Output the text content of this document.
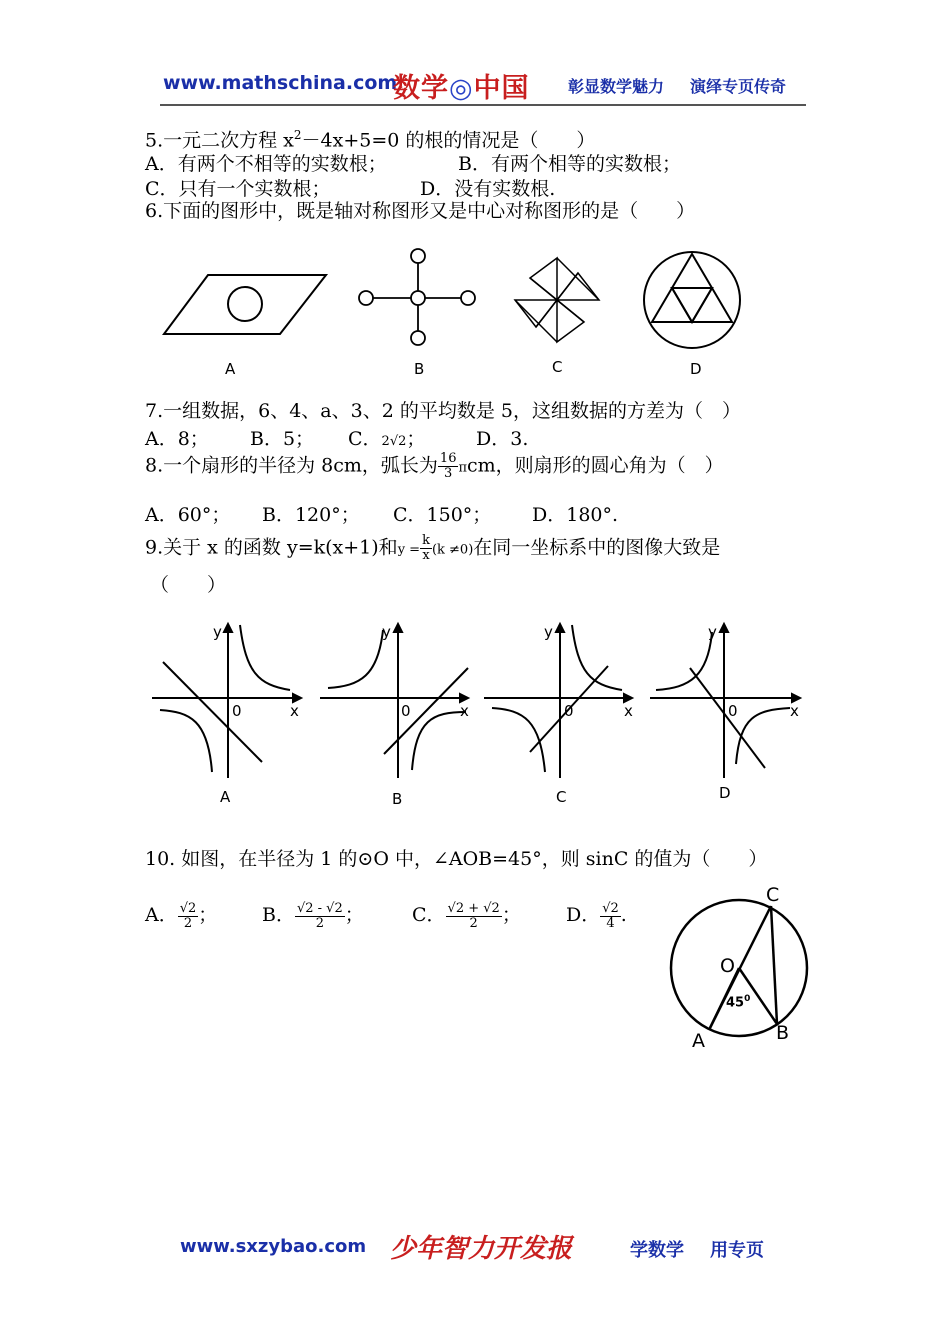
www.mathschina.com
数学◎中国 彰显数学魅力 演绎专页传奇
5.一元二次方程 $x^2-4x+5=0$ 的根的情况是（　　）
A．有两个不相等的实数根；	B．有两个相等的实数根；
C．只有一个实数根；	D．没有实数根.
6.下面的图形中，既是轴对称图形又是中心对称图形的是（　　）
A	B	C	D
7.一组数据，6、4、a、3、2 的平均数是 5，这组数据的方差为（　）
A．8； B．5； C．2√2；	D．3.
8.一个扇形的半径为 8cm，弧长为 $\frac{16}{3}$ πcm，则扇形的圆心角为（　）
A．60°； B．120°； C．150°； D．180°.
9.关于 x 的函数 y=k(x+1)和$y = \frac{k}{x} (k \ne 0)$在同一坐标系中的图像大致是
（　　）
y
x
0
A
y
x
0
B
y
x
0
C
y
x
0
D
10. 如图，在半径为 1 的⊙O 中，∠AOB=45°，则 sinC 的值为（　　）
A． $\frac{√2}{2}$ ； B． $\frac{√2 - √2}{2}$ ；	C． $\frac{√2 + √2}{2}$ ； D． $\frac{√2}{4}$ .
C
O
$45^0$
A	B
www.sxzybao.com 少年智力开发报	学数学 用专页
